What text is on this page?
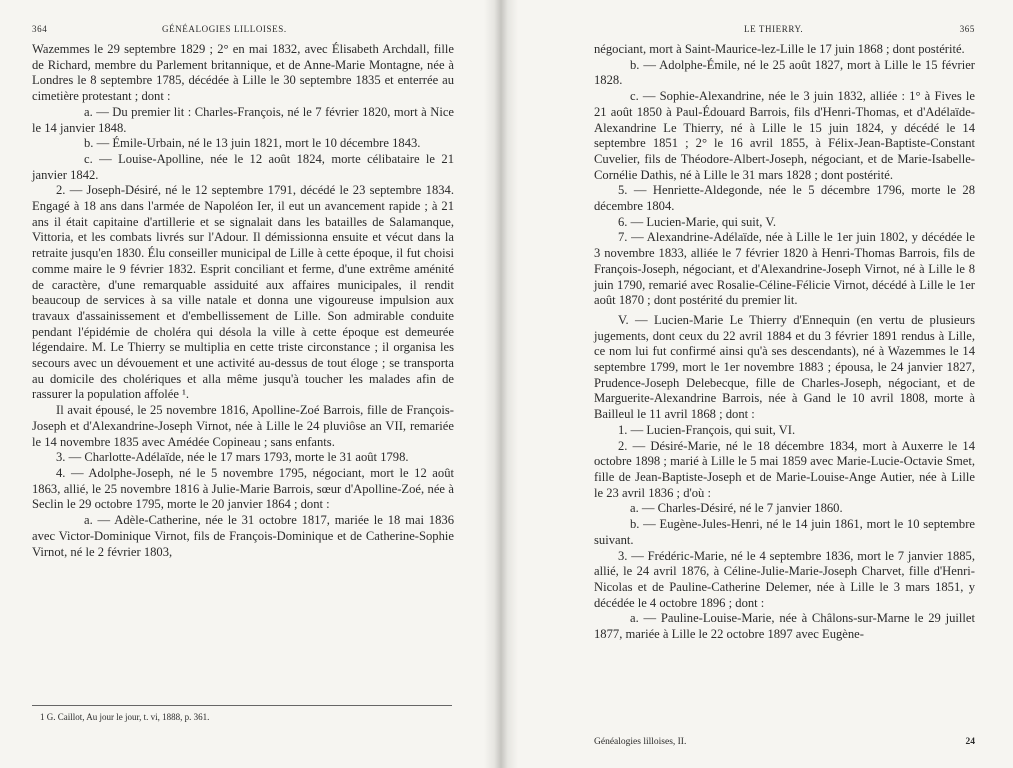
364	GÉNÉALOGIES LILLOISES.

Wazemmes le 29 septembre 1829 ; 2° en mai 1832, avec Élisabeth Archdall, fille de Richard, membre du Parlement britannique, et de Anne-Marie Montagne, née à Londres le 8 septembre 1785, décédée à Lille le 30 septembre 1835 et enterrée au cimetière protestant ; dont :

a. — Du premier lit : Charles-François, né le 7 février 1820, mort à Nice le 14 janvier 1848.

b. — Émile-Urbain, né le 13 juin 1821, mort le 10 décembre 1843.

c. — Louise-Apolline, née le 12 août 1824, morte célibataire le 21 janvier 1842.

2. — Joseph-Désiré, né le 12 septembre 1791, décédé le 23 septembre 1834. Engagé à 18 ans dans l'armée de Napoléon Ier, il eut un avancement rapide ; à 21 ans il était capitaine d'artillerie et se signalait dans les batailles de Salamanque, Vittoria, et les combats livrés sur l'Adour. Il démissionna ensuite et vécut dans la retraite jusqu'en 1830. Élu conseiller municipal de Lille à cette époque, il fut choisi comme maire le 9 février 1832. Esprit conciliant et ferme, d'une extrême aménité de caractère, d'une remarquable assiduité aux affaires municipales, il rendit beaucoup de services à sa ville natale et donna une vigoureuse impulsion aux travaux d'assainissement et d'embellissement de Lille. Son admirable conduite pendant l'épidémie de choléra qui désola la ville à cette époque est demeurée légendaire. M. Le Thierry se multiplia en cette triste circonstance ; il organisa les secours avec un dévouement et une activité au-dessus de tout éloge ; se transporta au domicile des cholériques et alla même jusqu'à toucher les malades afin de rassurer la population affolée ¹.

Il avait épousé, le 25 novembre 1816, Apolline-Zoé Barrois, fille de François-Joseph et d'Alexandrine-Joseph Virnot, née à Lille le 24 pluviôse an VII, remariée le 14 novembre 1835 avec Amédée Copineau ; sans enfants.

3. — Charlotte-Adélaïde, née le 17 mars 1793, morte le 31 août 1798.

4. — Adolphe-Joseph, né le 5 novembre 1795, négociant, mort le 12 août 1863, allié, le 25 novembre 1816 à Julie-Marie Barrois, sœur d'Apolline-Zoé, née à Seclin le 29 octobre 1795, morte le 20 janvier 1864 ; dont :

a. — Adèle-Catherine, née le 31 octobre 1817, mariée le 18 mai 1836 avec Victor-Dominique Virnot, fils de François-Dominique et de Catherine-Sophie Virnot, né le 2 février 1803,

1 G. Caillot, Au jour le jour, t. vi, 1888, p. 361.
LE THIERRY.	365

négociant, mort à Saint-Maurice-lez-Lille le 17 juin 1868 ; dont postérité.

b. — Adolphe-Émile, né le 25 août 1827, mort à Lille le 15 février 1828.

c. — Sophie-Alexandrine, née le 3 juin 1832, alliée : 1° à Fives le 21 août 1850 à Paul-Édouard Barrois, fils d'Henri-Thomas, et d'Adélaïde-Alexandrine Le Thierry, né à Lille le 15 juin 1824, y décédé le 14 septembre 1851 ; 2° le 16 avril 1855, à Félix-Jean-Baptiste-Constant Cuvelier, fils de Théodore-Albert-Joseph, négociant, et de Marie-Isabelle-Cornélie Dathis, né à Lille le 31 mars 1828 ; dont postérité.

5. — Henriette-Aldegonde, née le 5 décembre 1796, morte le 28 décembre 1804.

6. — Lucien-Marie, qui suit, V.

7. — Alexandrine-Adélaïde, née à Lille le 1er juin 1802, y décédée le 3 novembre 1833, alliée le 7 février 1820 à Henri-Thomas Barrois, fils de François-Joseph, négociant, et d'Alexandrine-Joseph Virnot, né à Lille le 8 juin 1790, remarié avec Rosalie-Céline-Félicie Virnot, décédé à Lille le 1er août 1870 ; dont postérité du premier lit.

V. — Lucien-Marie Le Thierry d'Ennequin (en vertu de plusieurs jugements, dont ceux du 22 avril 1884 et du 3 février 1891 rendus à Lille, ce nom lui fut confirmé ainsi qu'à ses descendants), né à Wazemmes le 14 septembre 1799, mort le 1er novembre 1883 ; épousa, le 24 janvier 1827, Prudence-Joseph Delebecque, fille de Charles-Joseph, négociant, et de Marguerite-Alexandrine Barrois, née à Gand le 10 avril 1808, morte à Bailleul le 11 avril 1868 ; dont :

1. — Lucien-François, qui suit, VI.

2. — Désiré-Marie, né le 18 décembre 1834, mort à Auxerre le 14 octobre 1898 ; marié à Lille le 5 mai 1859 avec Marie-Lucie-Octavie Smet, fille de Jean-Baptiste-Joseph et de Marie-Louise-Ange Autier, née à Lille le 23 avril 1836 ; d'où :

a. — Charles-Désiré, né le 7 janvier 1860.

b. — Eugène-Jules-Henri, né le 14 juin 1861, mort le 10 septembre suivant.

3. — Frédéric-Marie, né le 4 septembre 1836, mort le 7 janvier 1885, allié, le 24 avril 1876, à Céline-Julie-Marie-Joseph Charvet, fille d'Henri-Nicolas et de Pauline-Catherine Delemer, née à Lille le 3 mars 1851, y décédée le 4 octobre 1896 ; dont :

a. — Pauline-Louise-Marie, née à Châlons-sur-Marne le 29 juillet 1877, mariée à Lille le 22 octobre 1897 avec Eugène-

Généalogies lilloises, II.	24
